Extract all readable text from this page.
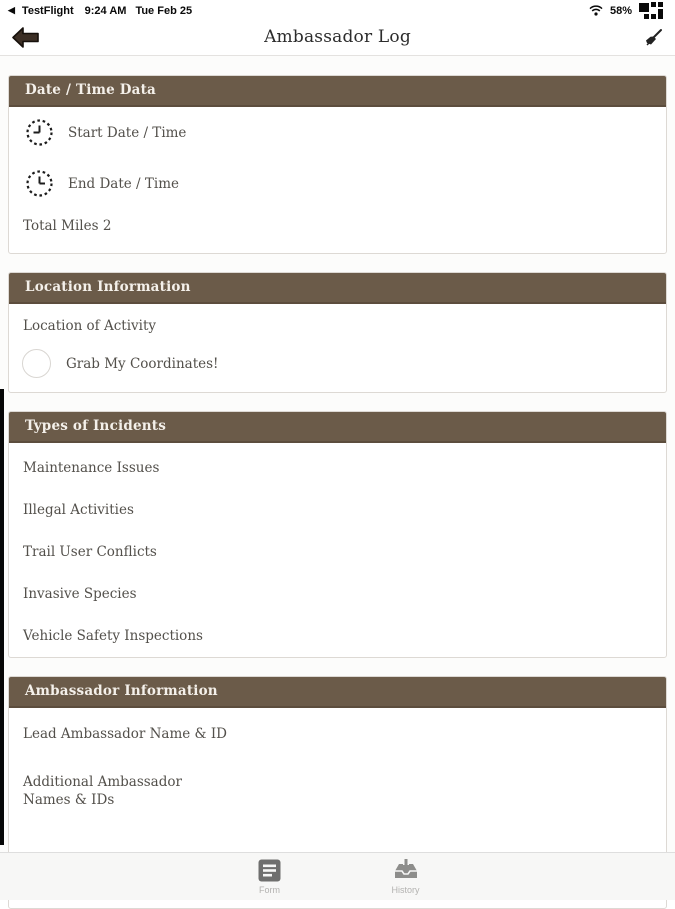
◀ TestFlight 9:24 AM Tue Feb 25	58%
Ambassador Log
Date / Time Data
Start Date / Time
End Date / Time
Total Miles 2
Location Information
Location of Activity
Grab My Coordinates!
Types of Incidents
Maintenance Issues
Illegal Activities
Trail User Conflicts
Invasive Species
Vehicle Safety Inspections
Ambassador Information
Lead Ambassador Name & ID
Additional Ambassador Names & IDs
Form	History
